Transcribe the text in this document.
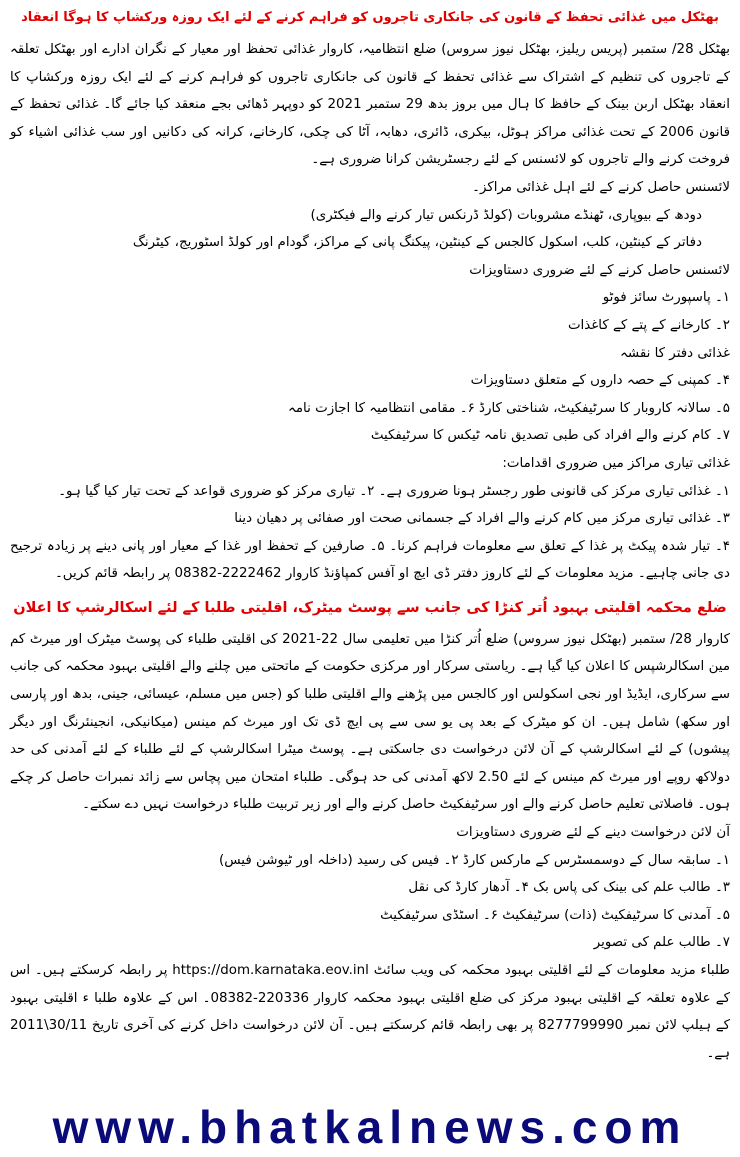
بھٹکل میں غذائی تحفظ کے قانون کی جانکاری تاجروں کو فراہم کرنے کے لئے ایک روزہ ورکشاپ کا ہوگا انعقاد

بھٹکل 28/ ستمبر (پریس ریلیز، بھٹکل نیوز سروس) ضلع انتظامیہ، کاروار غذائی تحفظ اور معیار کے نگران ادارے اور بھٹکل تعلقہ کے تاجروں کی تنظیم کے اشتراک سے غذائی تحفظ کے قانون کی جانکاری تاجروں کو فراہم کرنے کے لئے ایک روزہ ورکشاپ کا انعقاد بھٹکل اربن بینک کے حافظ کا ہال میں بروز بدھ 29 ستمبر 2021 کو دوپہر ڈھائی بجے منعقد کیا جائے گا۔ غذائی تحفظ کے قانون 2006 کے تحت غذائی مراکز ہوٹل، بیکری، ڈائری، دھابہ، آٹا کی چکی، کارخانے، کرانہ کی دکانیں اور سب غذائی اشیاء کو فروخت کرنے والے تاجروں کو لائسنس کے لئے رجسٹریشن کرانا ضروری ہے۔

لائسنس حاصل کرنے کے لئے اہل غذائی مراکز۔

دودھ کے بیوپاری، ٹھنڈے مشروبات (کولڈ ڈرنکس تیار کرنے والے فیکٹری)

دفاتر کے کینٹین، کلب، اسکول کالجس کے کینٹین، پیکنگ پانی کے مراکز، گودام اور کولڈ اسٹوریج، کیٹرنگ

لائسنس حاصل کرنے کے لئے ضروری دستاویزات

۱۔ پاسپورٹ سائز فوٹو

۲۔ کارخانے کے پتے کے کاغذات

غذائی دفتر کا نقشہ

۴۔ کمپنی کے حصہ داروں کے متعلق دستاویزات

۵۔ سالانہ کاروبار کا سرٹیفکیٹ، شناختی کارڈ ۶۔ مقامی انتظامیہ کا اجازت نامہ

۷۔ کام کرنے والے افراد کی طبی تصدیق نامہ ٹیکس کا سرٹیفکیٹ

غذائی تیاری مراکز میں ضروری اقدامات:

۱۔ غذائی تیاری مرکز کی قانونی طور رجسٹر ہونا ضروری ہے۔ ۲۔ تیاری مرکز کو ضروری قواعد کے تحت تیار کیا گیا ہو۔

۳۔ غذائی تیاری مرکز میں کام کرنے والے افراد کے جسمانی صحت اور صفائی پر دھیان دینا

۴۔ تیار شدہ پیکٹ پر غذا کے تعلق سے معلومات فراہم کرنا۔ ۵۔ صارفین کے تحفظ اور غذا کے معیار اور پانی دینے پر زیادہ ترجیح دی جانی چاہیے۔ مزید معلومات کے لئے کاروز دفتر ڈی ایچ او آفس کمپاؤنڈ کاروار 2222462-08382 پر رابطہ قائم کریں۔

ضلع محکمہ اقلیتی بہبود اُتر کنڑا کی جانب سے پوسٹ میٹرک، اقلیتی طلبا کے لئے اسکالرشپ کا اعلان

کاروار 28/ ستمبر (بھٹکل نیوز سروس) ضلع اُتر کنڑا میں تعلیمی سال 22-2021 کی اقلیتی طلباء کی پوسٹ میٹرک اور میرٹ کم مین اسکالرشپس کا اعلان کیا گیا ہے۔ ریاستی سرکار اور مرکزی حکومت کے ماتحتی میں چلنے والے اقلیتی بہبود محکمہ کی جانب سے سرکاری، ایڈیڈ اور نجی اسکولس اور کالجس میں پڑھنے والے اقلیتی طلبا کو (جس میں مسلم، عیسائی، جینی، بدھ اور پارسی اور سکھ) شامل ہیں۔ ان کو میٹرک کے بعد پی یو سی سے پی ایچ ڈی تک اور میرٹ کم مینس (میکانیکی، انجینئرنگ اور دیگر پیشوں) کے لئے اسکالرشپ کے آن لائن درخواست دی جاسکتی ہے۔ پوسٹ میٹرا اسکالرشپ کے لئے طلباء کے لئے آمدنی کی حد دولاکھ روپے اور میرٹ کم مینس کے لئے 2.50 لاکھ آمدنی کی حد ہوگی۔ طلباء امتحان میں پچاس سے زائد نمبرات حاصل کر چکے ہوں۔ فاصلاتی تعلیم حاصل کرنے والے اور سرٹیفکیٹ حاصل کرنے والے اور زیر تربیت طلباء درخواست نہیں دے سکتے۔

آن لائن درخواست دینے کے لئے ضروری دستاویزات

۱۔ سابقہ سال کے دوسمسٹرس کے مارکس کارڈ ۲۔ فیس کی رسید (داخلہ اور ٹیوشن فیس)

۳۔ طالب علم کی بینک کی پاس بک ۴۔ آدھار کارڈ کی نقل

۵۔ آمدنی کا سرٹیفکیٹ (ذات) سرٹیفکیٹ ۶۔ اسٹڈی سرٹیفکیٹ

۷۔ طالب علم کی تصویر

طلباء مزید معلومات کے لئے اقلیتی بہبود محکمہ کی ویب سائٹ https://dom.karnataka.eov.inl پر رابطہ کرسکتے ہیں۔ اس کے علاوہ تعلقہ کے اقلیتی بہبود مرکز کی ضلع اقلیتی بہبود محکمہ کاروار 220336-08382۔ اس کے علاوہ طلبا ء اقلیتی بہبود کے ہیلپ لائن نمبر 8277799990 پر بھی رابطہ قائم کرسکتے ہیں۔ آن لائن درخواست داخل کرنے کی آخری تاریخ 30/11\2011 ہے۔

www.bhatkalnews.com
